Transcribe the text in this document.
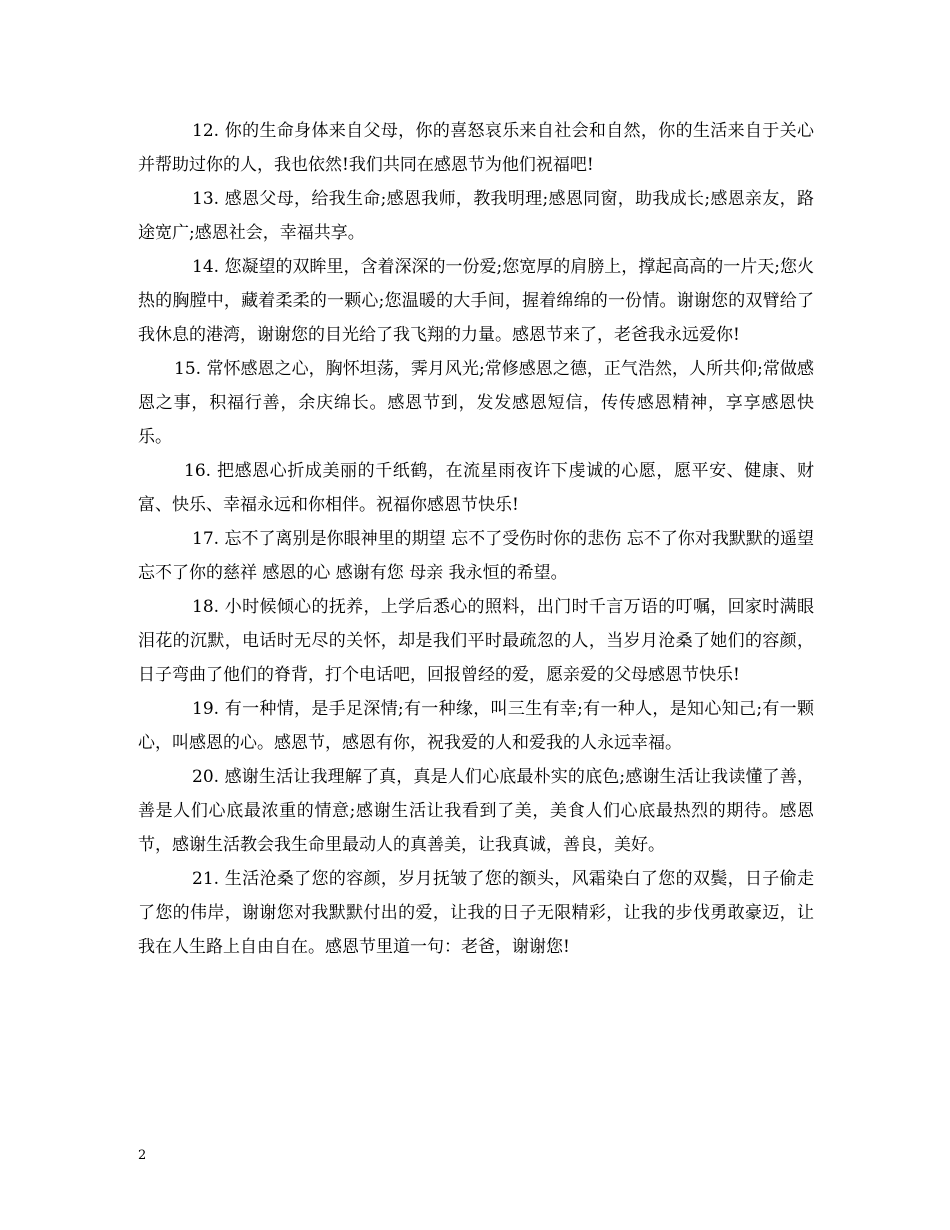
12. 你的生命身体来自父母，你的喜怒哀乐来自社会和自然，你的生活来自于关心并帮助过你的人，我也依然!我们共同在感恩节为他们祝福吧!

13. 感恩父母，给我生命;感恩我师，教我明理;感恩同窗，助我成长;感恩亲友，路途宽广;感恩社会，幸福共享。

14. 您凝望的双眸里，含着深深的一份爱;您宽厚的肩膀上，撑起高高的一片天;您火热的胸膛中，藏着柔柔的一颗心;您温暖的大手间，握着绵绵的一份情。谢谢您的双臂给了我休息的港湾，谢谢您的目光给了我飞翔的力量。感恩节来了，老爸我永远爱你!

15. 常怀感恩之心，胸怀坦荡，霁月风光;常修感恩之德，正气浩然，人所共仰;常做感恩之事，积福行善，余庆绵长。感恩节到，发发感恩短信，传传感恩精神，享享感恩快乐。

16. 把感恩心折成美丽的千纸鹤，在流星雨夜许下虔诚的心愿，愿平安、健康、财富、快乐、幸福永远和你相伴。祝福你感恩节快乐!

17. 忘不了离别是你眼神里的期望 忘不了受伤时你的悲伤 忘不了你对我默默的遥望 忘不了你的慈祥 感恩的心 感谢有您 母亲 我永恒的希望。

18. 小时候倾心的抚养，上学后悉心的照料，出门时千言万语的叮嘱，回家时满眼泪花的沉默，电话时无尽的关怀，却是我们平时最疏忽的人，当岁月沧桑了她们的容颜，日子弯曲了他们的脊背，打个电话吧，回报曾经的爱，愿亲爱的父母感恩节快乐!

19. 有一种情，是手足深情;有一种缘，叫三生有幸;有一种人，是知心知己;有一颗心，叫感恩的心。感恩节，感恩有你，祝我爱的人和爱我的人永远幸福。

20. 感谢生活让我理解了真，真是人们心底最朴实的底色;感谢生活让我读懂了善，善是人们心底最浓重的情意;感谢生活让我看到了美，美食人们心底最热烈的期待。感恩节，感谢生活教会我生命里最动人的真善美，让我真诚，善良，美好。

21. 生活沧桑了您的容颜，岁月抚皱了您的额头，风霜染白了您的双鬓，日子偷走了您的伟岸，谢谢您对我默默付出的爱，让我的日子无限精彩，让我的步伐勇敢豪迈，让我在人生路上自由自在。感恩节里道一句：老爸，谢谢您!

2
